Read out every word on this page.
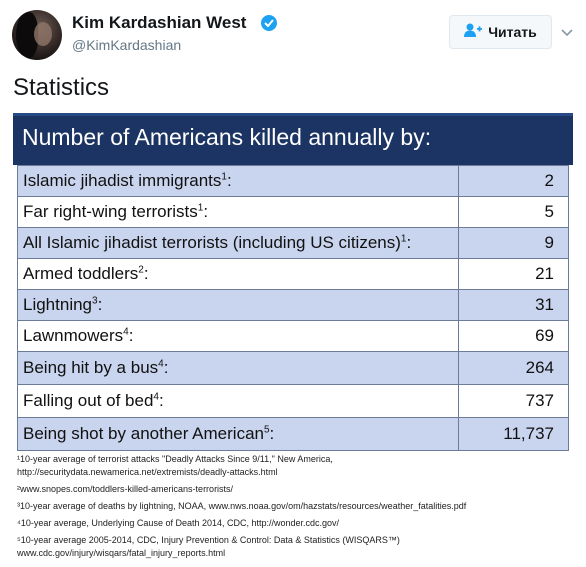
Kim Kardashian West
@KimKardashian
Читать
Statistics
Number of Americans killed annually by:
Islamic jihadist immigrants$^1$:	2
Far right-wing terrorists$^1$:	5
All Islamic jihadist terrorists (including US citizens)$^1$:	9
Armed toddlers$^2$:	21
Lightning$^3$:	31
Lawnmowers$^4$:	69
Being hit by a bus$^4$:	264
Falling out of bed$^4$:	737
Being shot by another American$^5$:	11,737
¹10-year average of terrorist attacks "Deadly Attacks Since 9/11," New America,
http://securitydata.newamerica.net/extremists/deadly-attacks.html
²www.snopes.com/toddlers-killed-americans-terrorists/
³10-year average of deaths by lightning, NOAA, www.nws.noaa.gov/om/hazstats/resources/weather_fatalities.pdf
⁴10-year average, Underlying Cause of Death 2014, CDC, http://wonder.cdc.gov/
⁵10-year average 2005-2014, CDC, Injury Prevention & Control: Data & Statistics (WISQARS™)
www.cdc.gov/injury/wisqars/fatal_injury_reports.html
